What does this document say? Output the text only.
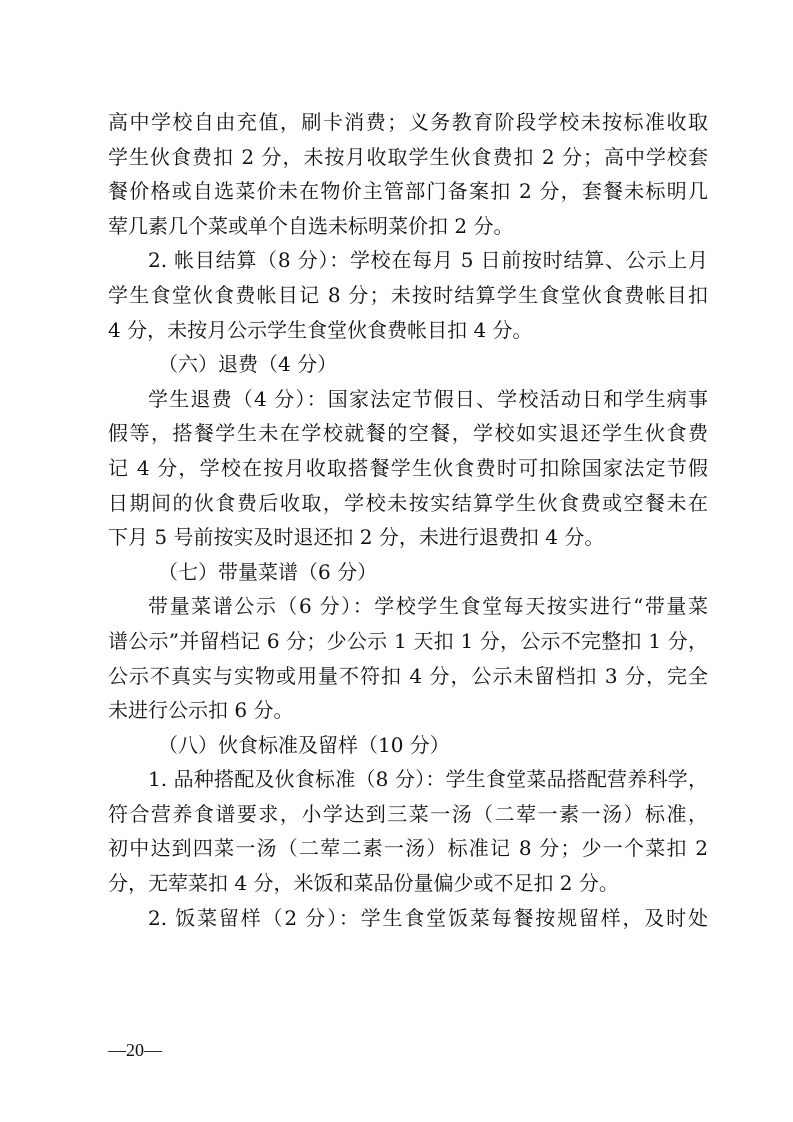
高中学校自由充值，刷卡消费；义务教育阶段学校未按标准收取
学生伙食费扣 2 分，未按月收取学生伙食费扣 2 分；高中学校套
餐价格或自选菜价未在物价主管部门备案扣 2 分，套餐未标明几
荤几素几个菜或单个自选未标明菜价扣 2 分。
2. 帐目结算（8 分）：学校在每月 5 日前按时结算、公示上月
学生食堂伙食费帐目记 8 分；未按时结算学生食堂伙食费帐目扣
4 分，未按月公示学生食堂伙食费帐目扣 4 分。
（六）退费（4 分）
学生退费（4 分）：国家法定节假日、学校活动日和学生病事
假等，搭餐学生未在学校就餐的空餐，学校如实退还学生伙食费
记 4 分，学校在按月收取搭餐学生伙食费时可扣除国家法定节假
日期间的伙食费后收取，学校未按实结算学生伙食费或空餐未在
下月 5 号前按实及时退还扣 2 分，未进行退费扣 4 分。
（七）带量菜谱（6 分）
带量菜谱公示（6 分）：学校学生食堂每天按实进行“带量菜
谱公示”并留档记 6 分；少公示 1 天扣 1 分，公示不完整扣 1 分，
公示不真实与实物或用量不符扣 4 分，公示未留档扣 3 分，完全
未进行公示扣 6 分。
（八）伙食标准及留样（10 分）
1. 品种搭配及伙食标准（8 分）：学生食堂菜品搭配营养科学，
符合营养食谱要求，小学达到三菜一汤（二荤一素一汤）标准，
初中达到四菜一汤（二荤二素一汤）标准记 8 分；少一个菜扣 2
分，无荤菜扣 4 分，米饭和菜品份量偏少或不足扣 2 分。
2. 饭菜留样（2 分）：学生食堂饭菜每餐按规留样，及时处
—20—
